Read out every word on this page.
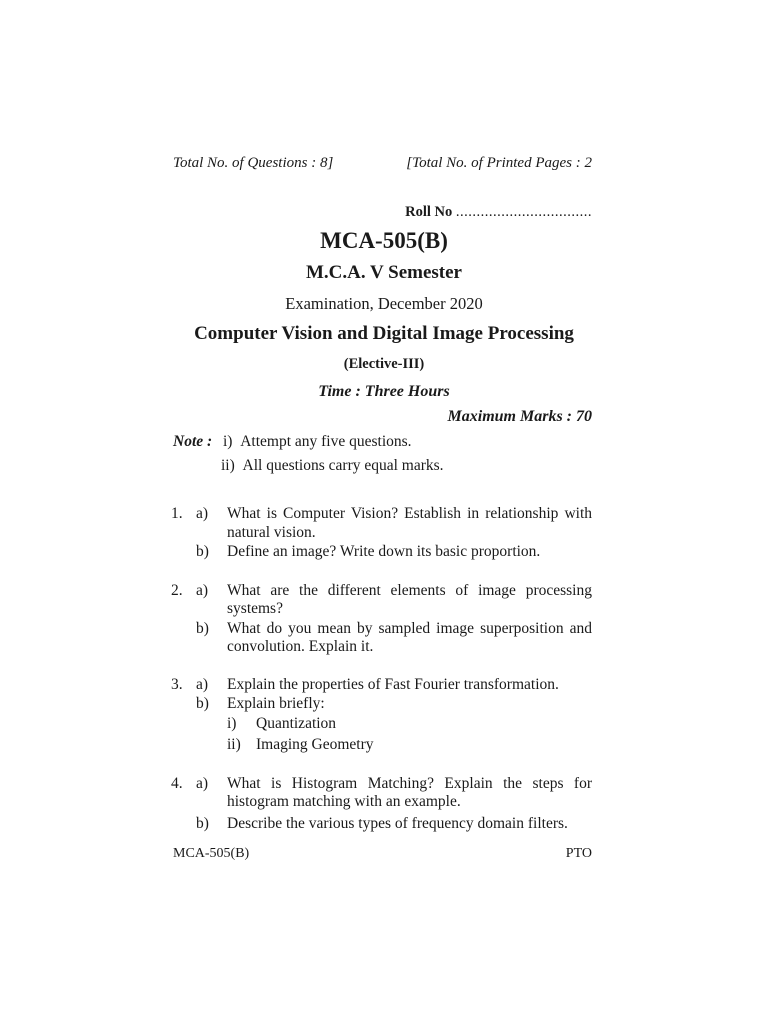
Total No. of Questions : 8]	[Total No. of Printed Pages : 2
Roll No .................................
MCA-505(B)
M.C.A. V Semester
Examination, December 2020
Computer Vision and Digital Image Processing
(Elective-III)
Time : Three Hours
Maximum Marks : 70
Note : i) Attempt any five questions.
ii) All questions carry equal marks.
1. a) What is Computer Vision? Establish in relationship with
natural vision.
b) Define an image? Write down its basic proportion.
2. a) What are the different elements of image processing
systems?
b) What do you mean by sampled image superposition and
convolution. Explain it.
3. a) Explain the properties of Fast Fourier transformation.
b) Explain briefly:
i) Quantization
ii) Imaging Geometry
4. a) What is Histogram Matching? Explain the steps for
histogram matching with an example.
b) Describe the various types of frequency domain filters.
MCA-505(B)	PTO
